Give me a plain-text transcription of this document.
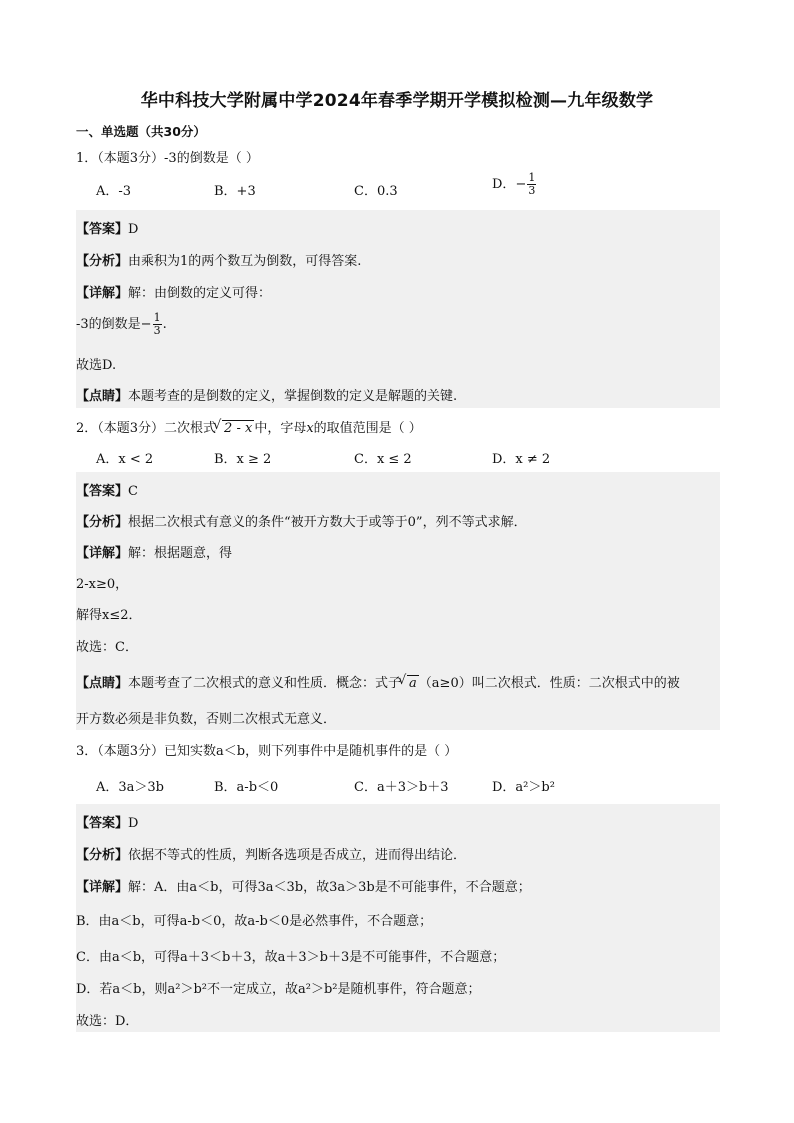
华中科技大学附属中学2024年春季学期开学模拟检测—九年级数学
一、单选题（共30分）
1．（本题3分）-3的倒数是（ ）
A．-3	B．+3	C．0.3	D．− $\frac{1}{3}$
【答案】D
【分析】由乘积为1的两个数互为倒数，可得答案.
【详解】解：由倒数的定义可得：
-3的倒数是− $\frac{1}{3}$ .
故选D.
【点睛】本题考查的是倒数的定义，掌握倒数的定义是解题的关键.
2．（本题3分）二次根式 √ 2 - x 中，字母x的取值范围是（ ）
A．x < 2	B．x ≥ 2	C．x ≤ 2	D．x ≠ 2
【答案】C
【分析】根据二次根式有意义的条件“被开方数大于或等于0”，列不等式求解．
【详解】解：根据题意，得
2-x≥0，
解得x≤2．
故选：C．
【点睛】本题考查了二次根式的意义和性质．概念：式子 √ a （a≥0）叫二次根式．性质：二次根式中的被
开方数必须是非负数，否则二次根式无意义．
3．（本题3分）已知实数a＜b，则下列事件中是随机事件的是（ ）
A．3a＞3b	B．a-b＜0	C．a＋3＞b＋3	D．a²＞b²
【答案】D
【分析】依据不等式的性质，判断各选项是否成立，进而得出结论．
【详解】解：A．由a＜b，可得3a＜3b，故3a＞3b是不可能事件，不合题意；
B．由a＜b，可得a-b＜0，故a-b＜0是必然事件，不合题意；
C．由a＜b，可得a＋3＜b＋3，故a＋3＞b＋3是不可能事件，不合题意；
D．若a＜b，则a²＞b²不一定成立，故a²＞b²是随机事件，符合题意；
故选：D．
